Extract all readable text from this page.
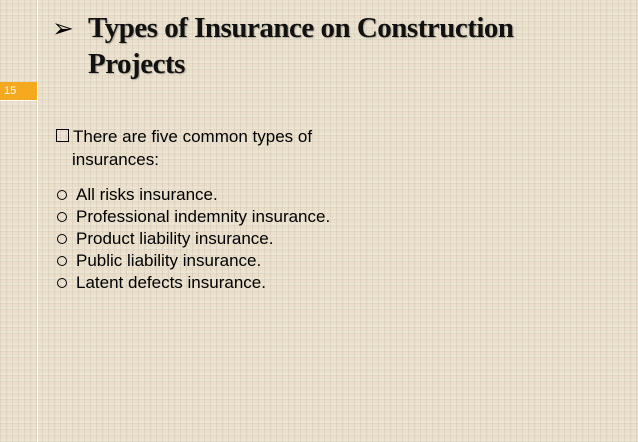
15
➢ Types of Insurance on Construction Projects
There are five common types of
insurances:
All risks insurance.
Professional indemnity insurance.
Product liability insurance.
Public liability insurance.
Latent defects insurance.
